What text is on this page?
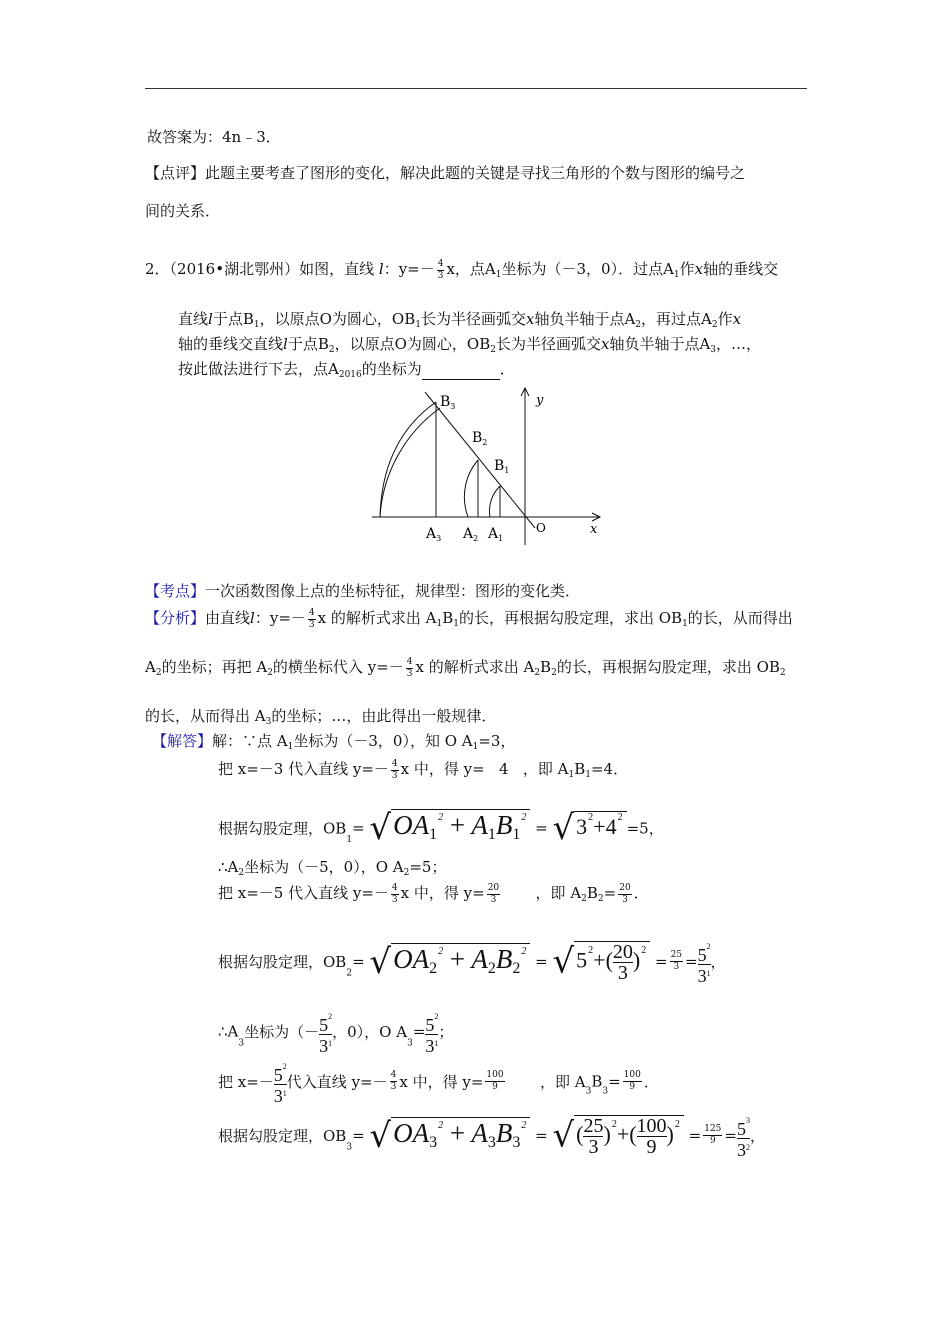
故答案为：4n﹣3．
【点评】此题主要考查了图形的变化，解决此题的关键是寻找三角形的个数与图形的编号之
间的关系．
2．（2016•湖北鄂州）如图，直线 l：$y=- \frac{4}{3}$ x，点$A_1$坐标为（－3，0）．过点$A_1$作x轴的垂线交
直线l于点$B_1$，以原点O为圆心，$OB_1$长为半径画弧交x轴负半轴于点$A_2$，再过点$A_2$作x
轴的垂线交直线l于点$B_2$，以原点O为圆心，$OB_2$长为半径画弧交x轴负半轴于点$A_3$，…，
按此做法进行下去，点$A_{2016}$的坐标为	．
$B_3$
$B_2$
$B_1$
$A_3$ $A_2$ $A_1$
O	x
y
【考点】一次函数图像上点的坐标特征，规律型：图形的变化类．
【分析】由直线l：$y=- \frac{4}{3}$ x 的解析式求出 $A_1B_1$的长，再根据勾股定理，求出 $OB_1$的长，从而得出
$A_2$的坐标；再把 $A_2$的横坐标代入 $y=- \frac{4}{3}$ x 的解析式求出 $A_2B_2$的长，再根据勾股定理，求出 $OB_2$
的长，从而得出 $A_3$的坐标；…，由此得出一般规律．
【解答】解：∵点 $A_1$坐标为（－3，0），知 O $A_1=3$，
把 x=－3 代入直线 $y=- \frac{4}{3}$ x 中，得 y= 4 ，即 $A_1B_1=4$．
根据勾股定理，$OB_1= √OA_1^2 + A_1B_1^2 = √3^2+4^2=5$，
$\therefore A_2$坐标为（－5，0），O $A_2=5$；
把 x=－5 代入直线 $y=- \frac{4}{3}$ x 中，得 $y= \frac{20}{3}$ ，即 $A_2B_2= \frac{20}{3}$ ．
根据勾股定理，$OB_2= √OA_2^2 + A_2B_2^2 = √5^2+( \frac{20}{3} )^2 = \frac{25}{3} = \frac{5^2}{3^1}$ ，
$\therefore A_3$坐标为（－ $\frac{5^2}{3^1}$ ，0），O $A_3= \frac{5^2}{3^1}$ ；
把 $x=- \frac{5^2}{3^1}$ 代入直线 $y=- \frac{4}{3}$ x 中，得 $y= \frac{100}{9}$ ，即 $A_3B_3= \frac{100}{9}$ ．
根据勾股定理，$OB_3= √OA_3^2 + A_3B_3^2$ = √( $\frac{25}{3} )^2+( \frac{100}{9} )^2 = \frac{125}{9} = \frac{5^3}{3^2}$ ，
